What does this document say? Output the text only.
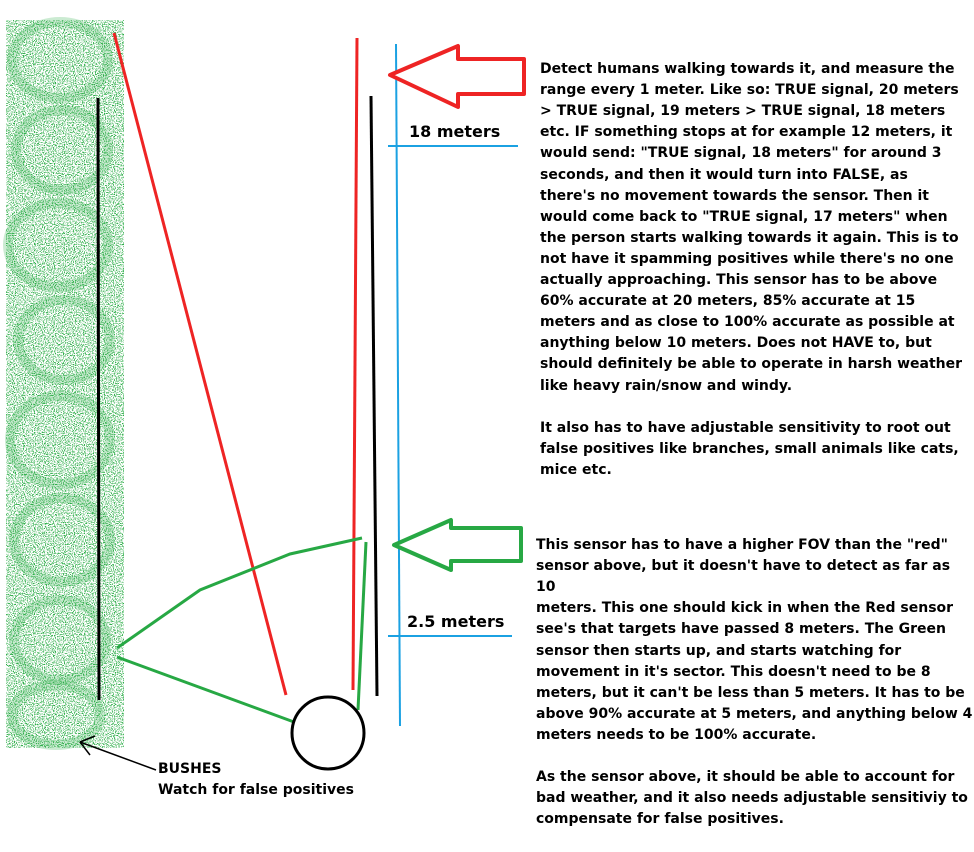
18 meters
2.5 meters

Detect humans walking towards it, and measure the
range every 1 meter. Like so: TRUE signal, 20 meters
> TRUE signal, 19 meters > TRUE signal, 18 meters
etc. IF something stops at for example 12 meters, it
would send: "TRUE signal, 18 meters" for around 3
seconds, and then it would turn into FALSE, as
there's no movement towards the sensor. Then it
would come back to "TRUE signal, 17 meters" when
the person starts walking towards it again. This is to
not have it spamming positives while there's no one
actually approaching. This sensor has to be above
60% accurate at 20 meters, 85% accurate at 15
meters and as close to 100% accurate as possible at
anything below 10 meters. Does not HAVE to, but
should definitely be able to operate in harsh weather
like heavy rain/snow and windy.

It also has to have adjustable sensitivity to root out
false positives like branches, small animals like cats,
mice etc.

This sensor has to have a higher FOV than the "red"
sensor above, but it doesn't have to detect as far as 10
meters. This one should kick in when the Red sensor
see's that targets have passed 8 meters. The Green
sensor then starts up, and starts watching for
movement in it's sector. This doesn't need to be 8
meters, but it can't be less than 5 meters. It has to be
above 90% accurate at 5 meters, and anything below 4
meters needs to be 100% accurate.

As the sensor above, it should be able to account for
bad weather, and it also needs adjustable sensitiviy to
compensate for false positives.

BUSHES
Watch for false positives
